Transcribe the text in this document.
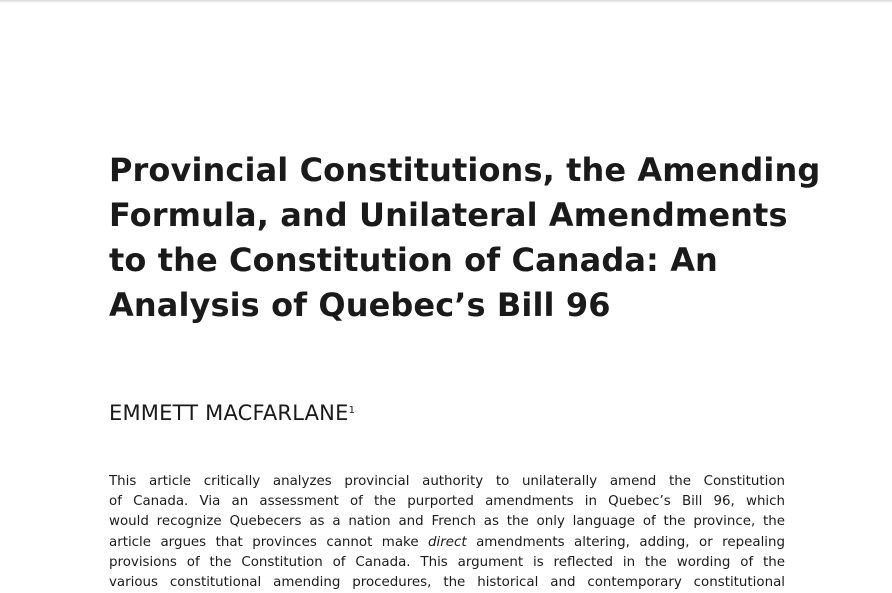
Provincial Constitutions, the Amending
Formula, and Unilateral Amendments
to the Constitution of Canada: An
Analysis of Quebec’s Bill 96
EMMETT MACFARLANE$^1$
This article critically analyzes provincial authority to unilaterally amend the Constitution
of Canada. Via an assessment of the purported amendments in Quebec’s Bill 96, which
would recognize Quebecers as a nation and French as the only language of the province, the
article argues that provinces cannot make direct amendments altering, adding, or repealing
provisions of the Constitution of Canada. This argument is reflected in the wording of the
various constitutional amending procedures, the historical and contemporary constitutional
